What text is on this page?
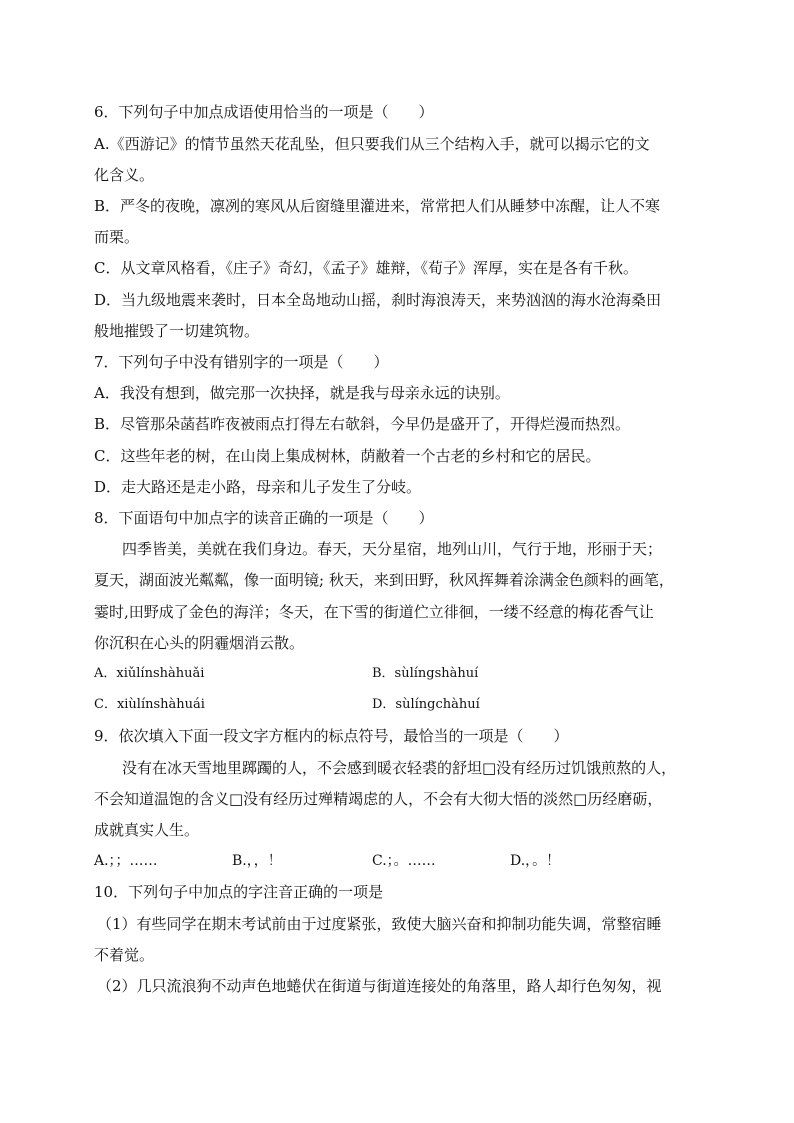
6．下列句子中加点成语使用恰当的一项是（　　）
A.《西游记》的情节虽然天花乱坠，但只要我们从三个结构入手，就可以揭示它的文
化含义。
B．严冬的夜晚，凛冽的寒风从后窗缝里灌进来，常常把人们从睡梦中冻醒，让人不寒
而栗。
C．从文章风格看，《庄子》奇幻，《孟子》雄辩，《荀子》浑厚，实在是各有千秋。
D．当九级地震来袭时，日本全岛地动山摇，刹时海浪涛天，来势汹汹的海水沧海桑田
般地摧毁了一切建筑物。
7．下列句子中没有错别字的一项是（　　）
A．我没有想到，做完那一次抉择，就是我与母亲永远的诀别。
B．尽管那朵菡萏昨夜被雨点打得左右欹斜，今早仍是盛开了，开得烂漫而热烈。
C．这些年老的树，在山岗上集成树林，荫敝着一个古老的乡村和它的居民。
D．走大路还是走小路，母亲和儿子发生了分岐。
8．下面语句中加点字的读音正确的一项是（　　）
四季皆美，美就在我们身边。春天，天分星宿，地列山川，气行于地，形丽于天；
夏天，湖面波光粼粼，像一面明镜; 秋天，来到田野，秋风挥舞着涂满金色颜料的画笔，
霎时,田野成了金色的海洋；冬天，在下雪的街道伫立徘徊，一缕不经意的梅花香气让
你沉积在心头的阴霾烟消云散。
A．xiǔlínshàhuǎi	B．sùlíngshàhuí
C．xiùlínshàhuái	D．sùlíngchàhuí
9．依次填入下面一段文字方框内的标点符号，最恰当的一项是（　　）
没有在冰天雪地里踯躅的人，不会感到暖衣轻裘的舒坦□没有经历过饥饿煎熬的人，
不会知道温饱的含义□没有经历过殚精竭虑的人，不会有大彻大悟的淡然□历经磨砺，
成就真实人生。
A.；；……	B.，，！	C.；。……	D.，。！
10．下列句子中加点的字注音正确的一项是
（1）有些同学在期末考试前由于过度紧张，致使大脑兴奋和抑制功能失调，常整宿睡
不着觉。
（2）几只流浪狗不动声色地蜷伏在街道与街道连接处的角落里，路人却行色匆匆，视
